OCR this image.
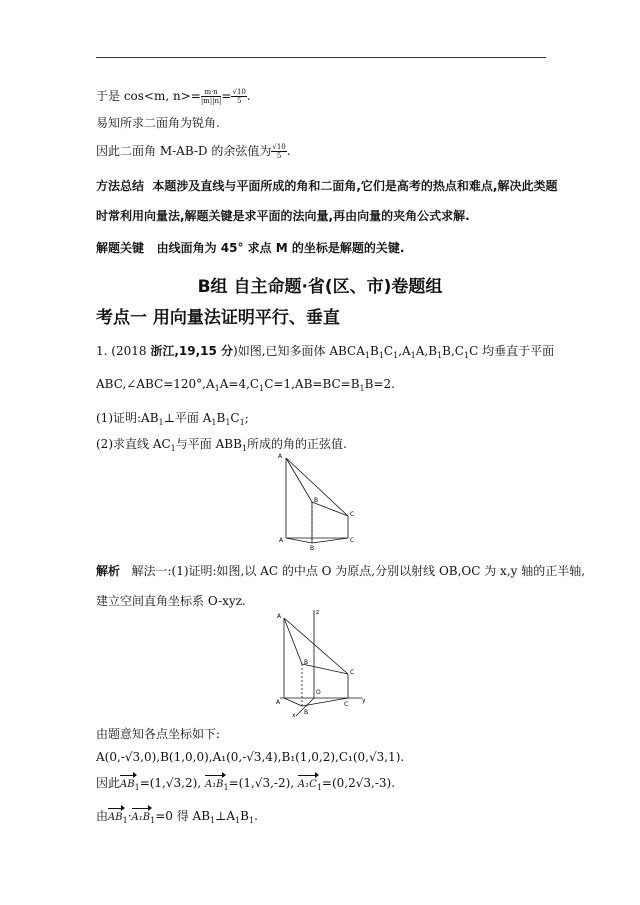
于是 cos<m, $n>= \frac{m\cdot n}{|m||n|} = \frac{√10}{5}$ .
易知所求二面角为锐角.
因此二面角 M-AB-D 的余弦值为 $\frac{√10}{5}$ .
方法总结 本题涉及直线与平面所成的角和二面角,它们是高考的热点和难点,解决此类题
时常利用向量法,解题关键是求平面的法向量,再由向量的夹角公式求解.
解题关键 由线面角为 45° 求点 M 的坐标是解题的关键.
B组 自主命题·省(区、市)卷题组
考点一 用向量法证明平行、垂直
1. (2018 浙江,19,15 分)如图,已知多面体 $ABCA_1B_1C_1,A_1A,B_1B,C_1C$ 均垂直于平面
$ABC,\angle ABC=120^\circ,A_1A=4,C_1C=1,AB=BC=B_1B=2$.
(1)证明$:AB_1\perp$平面 $A_1B_1C_1$;
(2)求直线 $AC_1$与平面 $ABB_1$所成的角的正弦值.
A
B
C
A
B
C
解析 解法一:(1)证明:如图,以 AC 的中点 O 为原点,分别以射线 OB,OC 为 x,y 轴的正半轴,
建立空间直角坐标系 O-xyz.
A
z
B
C
O
A	C
y
B
x
由题意知各点坐标如下:
A(0,-√3,0),B(1,0,0),A₁(0,-√3,4),B₁(1,0,2),C₁(0,√3,1).
因此$AB_1=(1,√3,2)$, $A_1B_1=(1,√3,-2)$, $A_1C_1=(0,2√3,-3)$.
由$AB_1\cdot A_1B_1=0$ 得 $AB_1\perp A_1B_1$.
